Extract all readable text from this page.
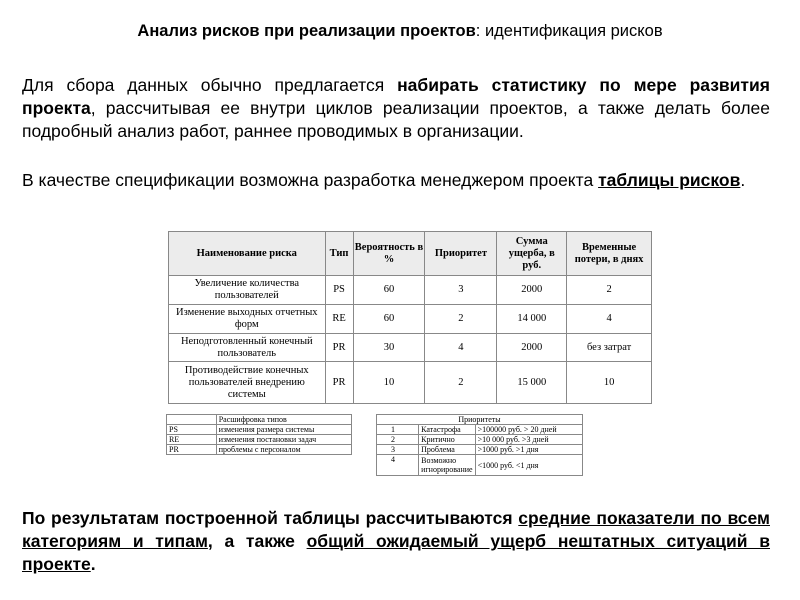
Анализ рисков при реализации проектов: идентификация рисков
Для сбора данных обычно предлагается набирать статистику по мере развития проекта, рассчитывая ее внутри циклов реализации проектов, а также делать более подробный анализ работ, раннее проводимых в организации.
В качестве спецификации возможна разработка менеджером проекта таблицы рисков.
Наименование риска	Тип	Вероятность в %	Приоритет	Сумма ущерба, в руб.	Временные потери, в днях
Увеличение количества пользователей	PS	60	3	2000	2
Изменение выходных отчетных форм	RE	60	2	14 000	4
Неподготовленный конечный пользователь	PR	30	4	2000	без затрат
Противодействие конечных пользователей внедрению системы	PR	10	2	15 000	10
	Расшифровка типов
PS	изменения размера системы
RE	изменения постановки задач
PR	проблемы с персоналом
Приоритеты		
1	Катастрофа	>100000 руб. > 20 дней
2	Критично	>10 000 руб. >3 дней
3	Проблема	>1000 руб. >1 дня
4	Возможно игнорирование	<1000 руб. <1 дня
По результатам построенной таблицы рассчитываются средние показатели по всем категориям и типам, а также общий ожидаемый ущерб нештатных ситуаций в проекте.
